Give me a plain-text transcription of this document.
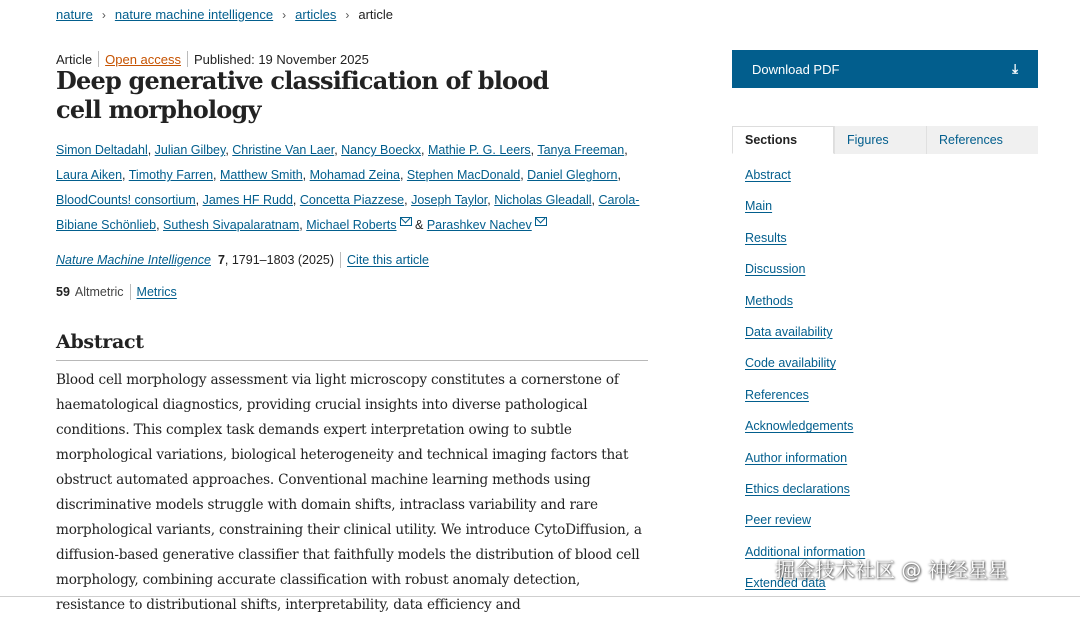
nature › nature machine intelligence › articles › article
Article Open access Published: 19 November 2025
Deep generative classification of blood cell morphology
Simon Deltadahl, Julian Gilbey, Christine Van Laer, Nancy Boeckx, Mathie P. G. Leers, Tanya Freeman, Laura Aiken, Timothy Farren, Matthew Smith, Mohamad Zeina, Stephen MacDonald, Daniel Gleghorn, BloodCounts! consortium, James HF Rudd, Concetta Piazzese, Joseph Taylor, Nicholas Gleadall, Carola-Bibiane Schönlieb, Suthesh Sivapalaratnam, Michael Roberts & Parashkev Nachev
Nature Machine Intelligence 7 , 1791–1803 (2025) Cite this article
59 Altmetric Metrics
Abstract

Blood cell morphology assessment via light microscopy constitutes a cornerstone of haematological diagnostics, providing crucial insights into diverse pathological conditions. This complex task demands expert interpretation owing to subtle morphological variations, biological heterogeneity and technical imaging factors that obstruct automated approaches. Conventional machine learning methods using discriminative models struggle with domain shifts, intraclass variability and rare morphological variants, constraining their clinical utility. We introduce CytoDiffusion, a diffusion-based generative classifier that faithfully models the distribution of blood cell morphology, combining accurate classification with robust anomaly detection, resistance to distributional shifts, interpretability, data efficiency and

Download PDF	⤓
Sections	Figures	References
Abstract
Main
Results
Discussion
Methods
Data availability
Code availability
References
Acknowledgements
Author information
Ethics declarations
Peer review
Additional information
Extended data
掘金技术社区 @ 神经星星
